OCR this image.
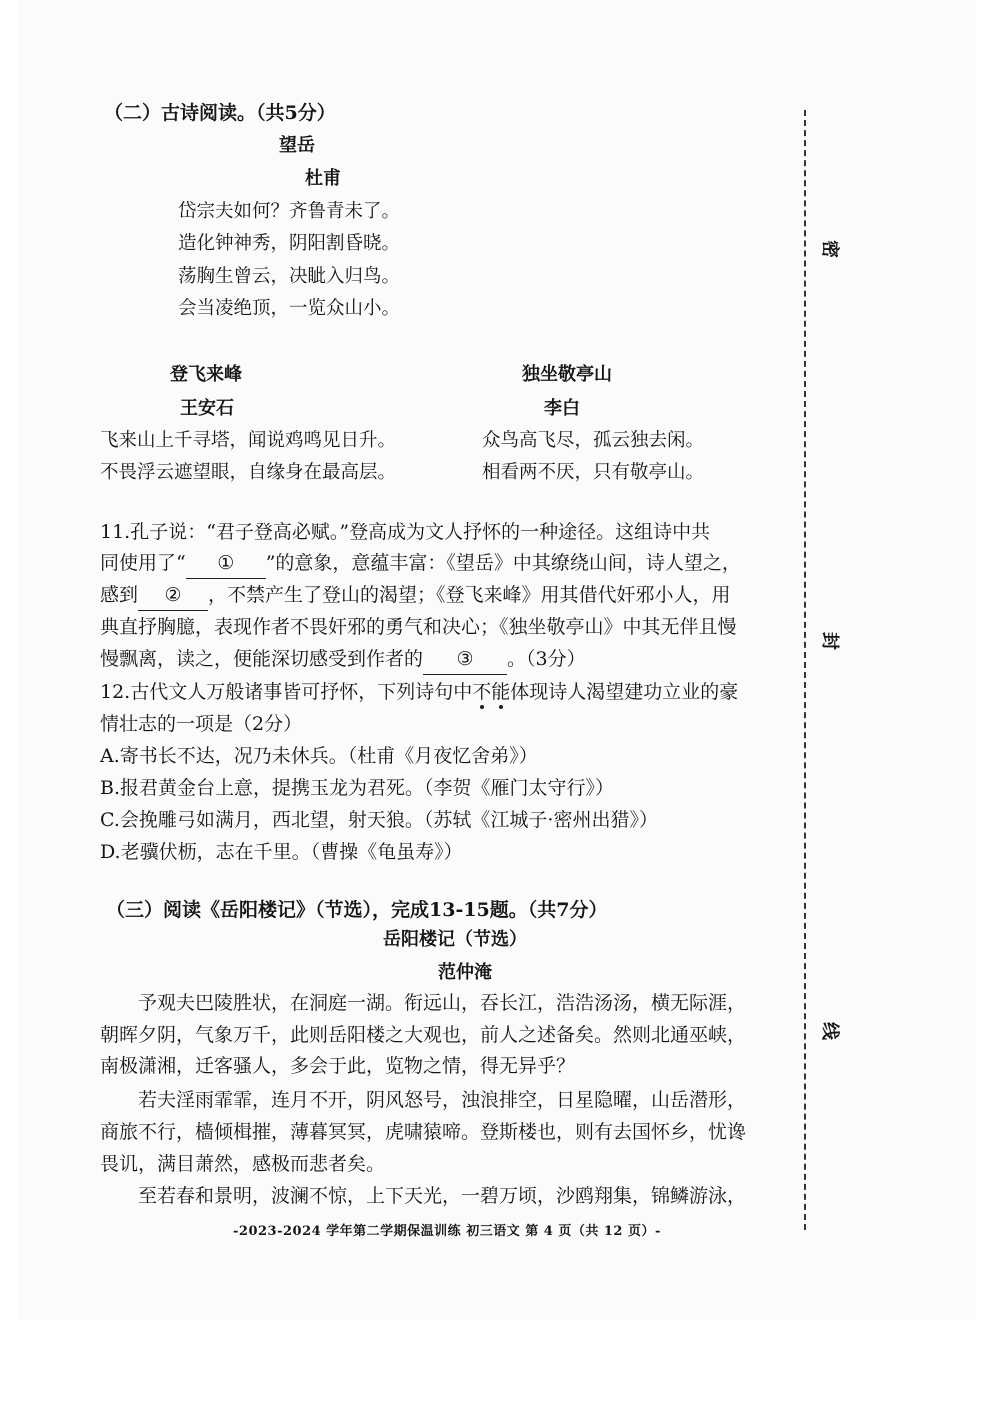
（二）古诗阅读。（共5分）
望岳
杜甫
岱宗夫如何？齐鲁青未了。
造化钟神秀，阴阳割昏晓。
荡胸生曾云，决眦入归鸟。
会当凌绝顶，一览众山小。
登飞来峰
王安石
飞来山上千寻塔，闻说鸡鸣见日升。
不畏浮云遮望眼，自缘身在最高层。
独坐敬亭山
李白
众鸟高飞尽，孤云独去闲。
相看两不厌，只有敬亭山。
11.孔子说：“君子登高必赋。”登高成为文人抒怀的一种途径。这组诗中共
同使用了“ ① ”的意象，意蕴丰富：《望岳》中其缭绕山间，诗人望之，
感到 ② ，不禁产生了登山的渴望；《登飞来峰》用其借代奸邪小人，用
典直抒胸臆，表现作者不畏奸邪的勇气和决心；《独坐敬亭山》中其无伴且慢
慢飘离，读之，便能深切感受到作者的 ③ 。（3分）
12.古代文人万般诸事皆可抒怀，下列诗句中不能体现诗人渴望建功立业的豪
情壮志的一项是（2分）
A.寄书长不达，况乃未休兵。（杜甫《月夜忆舍弟》）
B.报君黄金台上意，提携玉龙为君死。（李贺《雁门太守行》）
C.会挽雕弓如满月，西北望，射天狼。（苏轼《江城子·密州出猎》）
D.老骥伏枥，志在千里。（曹操《龟虽寿》）
（三）阅读《岳阳楼记》（节选），完成13-15题。（共7分）
岳阳楼记（节选）
范仲淹
予观夫巴陵胜状，在洞庭一湖。衔远山，吞长江，浩浩汤汤，横无际涯，
朝晖夕阴，气象万千，此则岳阳楼之大观也，前人之述备矣。然则北通巫峡，
南极潇湘，迁客骚人，多会于此，览物之情，得无异乎？
若夫淫雨霏霏，连月不开，阴风怒号，浊浪排空，日星隐曜，山岳潜形，
商旅不行，樯倾楫摧，薄暮冥冥，虎啸猿啼。登斯楼也，则有去国怀乡，忧谗
畏讥，满目萧然，感极而悲者矣。
至若春和景明，波澜不惊，上下天光，一碧万顷，沙鸥翔集，锦鳞游泳，
密
封
线
-2023-2024 学年第二学期保温训练 初三语文 第 4 页（共 12 页）-
